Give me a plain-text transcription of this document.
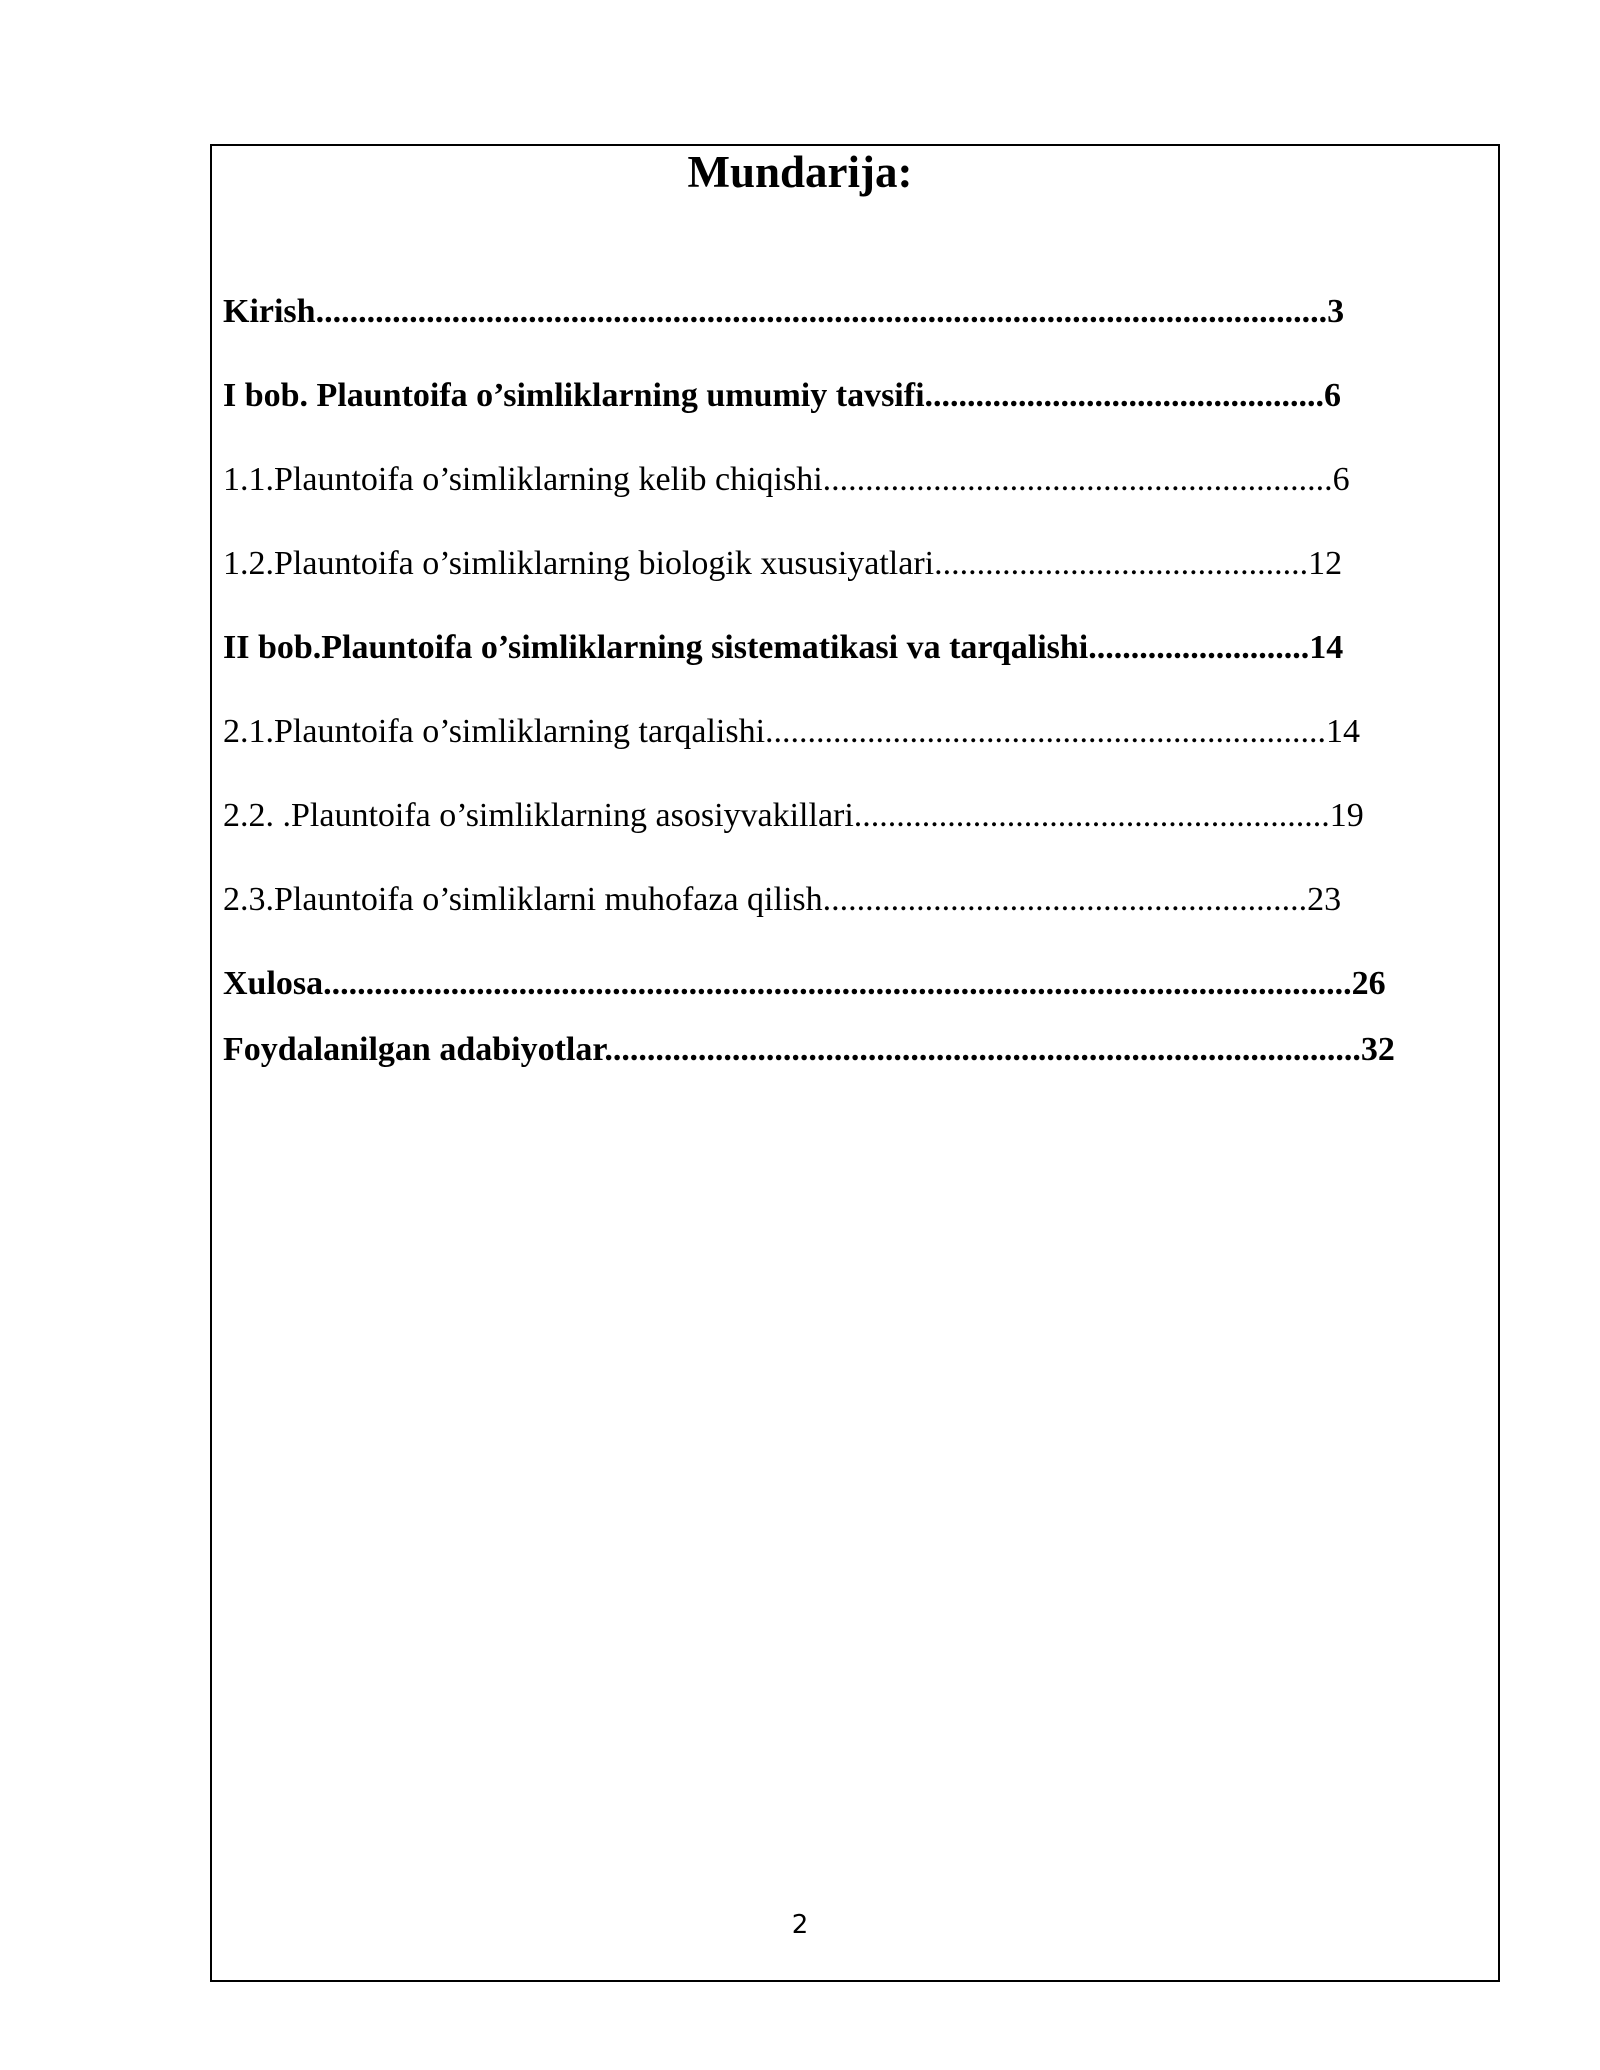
Mundarija:

Kirish.......................................................................................................................3

I bob. Plauntoifa o’simliklarning umumiy tavsifi...............................................6

1.1.Plauntoifa o’simliklarning kelib chiqishi............................................................6

1.2.Plauntoifa o’simliklarning biologik xususiyatlari............................................12

II bob.Plauntoifa o’simliklarning sistematikasi va tarqalishi..........................14

2.1.Plauntoifa o’simliklarning tarqalishi..................................................................14

2.2. .Plauntoifa o’simliklarning asosiyvakillari........................................................19

2.3.Plauntoifa o’simliklarni muhofaza qilish.........................................................23

Xulosa.........................................................................................................................26

Foydalanilgan adabiyotlar.........................................................................................32

2
